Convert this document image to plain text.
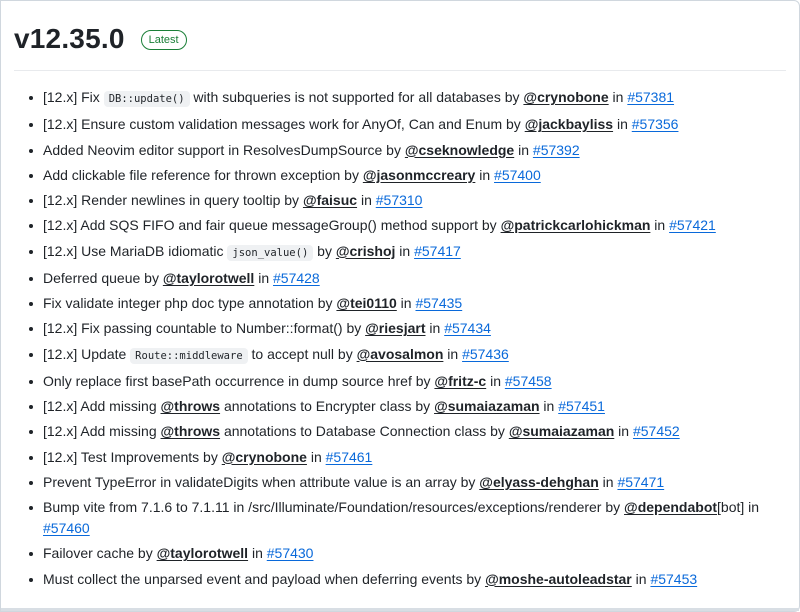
v12.35.0	Latest
[12.x] Fix DB::update() with subqueries is not supported for all databases by @crynobone in #57381
[12.x] Ensure custom validation messages work for AnyOf, Can and Enum by @jackbayliss in #57356
Added Neovim editor support in ResolvesDumpSource by @cseknowledge in #57392
Add clickable file reference for thrown exception by @jasonmccreary in #57400
[12.x] Render newlines in query tooltip by @faisuc in #57310
[12.x] Add SQS FIFO and fair queue messageGroup() method support by @patrickcarlohickman in #57421
[12.x] Use MariaDB idiomatic json_value() by @crishoj in #57417
Deferred queue by @taylorotwell in #57428
Fix validate integer php doc type annotation by @tei0110 in #57435
[12.x] Fix passing countable to Number::format() by @riesjart in #57434
[12.x] Update Route::middleware to accept null by @avosalmon in #57436
Only replace first basePath occurrence in dump source href by @fritz-c in #57458
[12.x] Add missing @throws annotations to Encrypter class by @sumaiazaman in #57451
[12.x] Add missing @throws annotations to Database Connection class by @sumaiazaman in #57452
[12.x] Test Improvements by @crynobone in #57461
Prevent TypeError in validateDigits when attribute value is an array by @elyass-dehghan in #57471
Bump vite from 7.1.6 to 7.1.11 in /src/Illuminate/Foundation/resources/exceptions/renderer by @dependabot[bot] in #57460
Failover cache by @taylorotwell in #57430
Must collect the unparsed event and payload when deferring events by @moshe-autoleadstar in #57453
